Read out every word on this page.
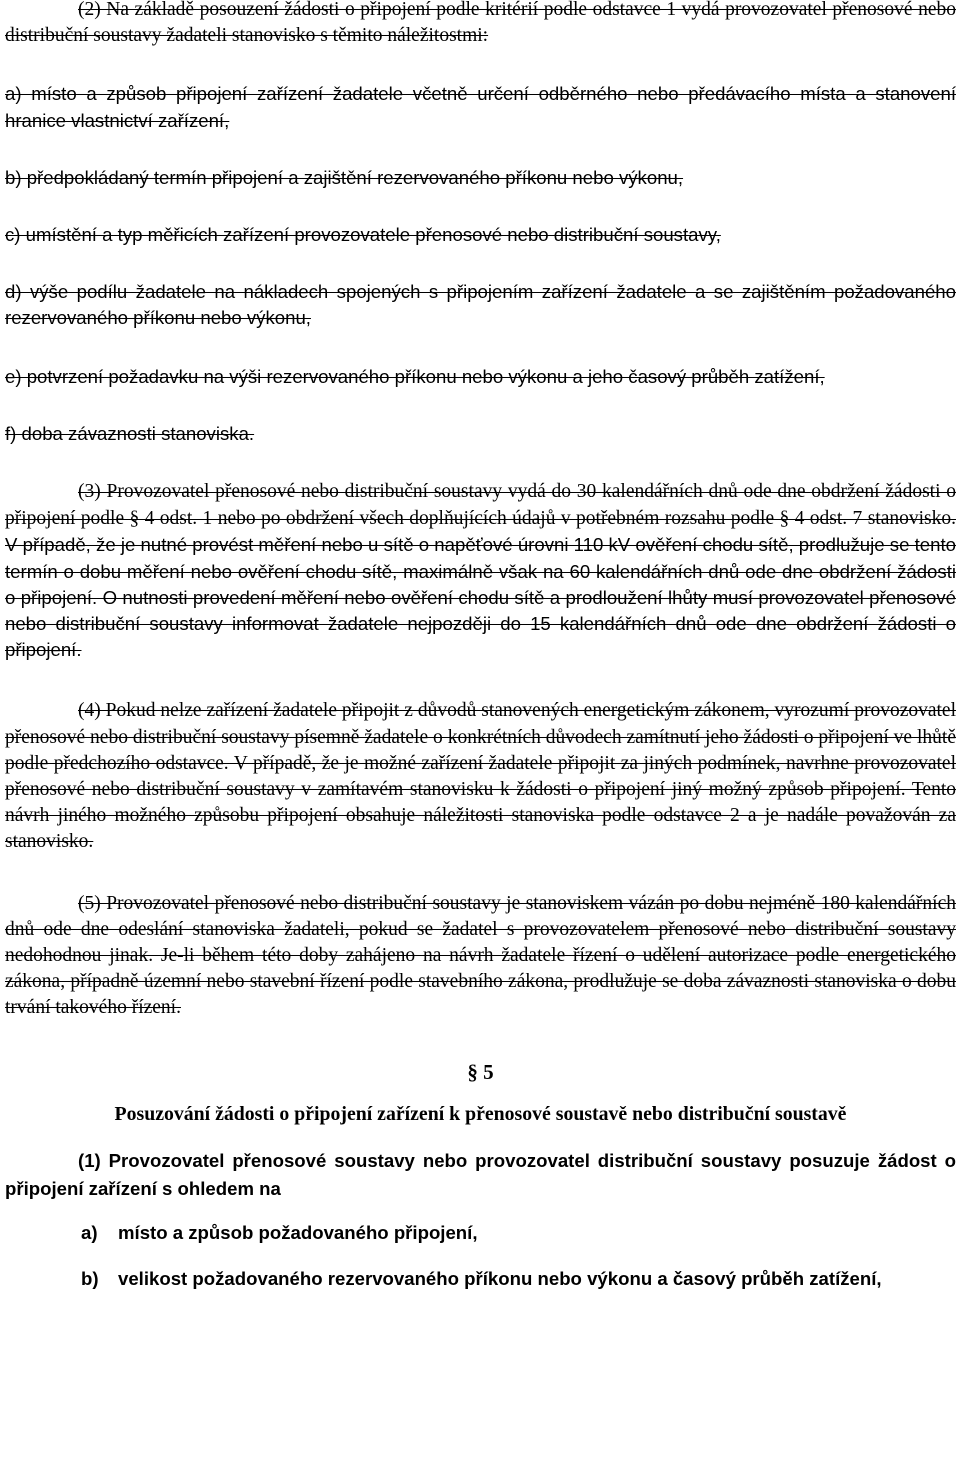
(2) Na základě posouzení žádosti o připojení podle kritérií podle odstavce 1 vydá provozovatel přenosové nebo distribuční soustavy žadateli stanovisko s těmito náležitostmi:

a) místo a způsob připojení zařízení žadatele včetně určení odběrného nebo předávacího místa a stanovení hranice vlastnictví zařízení,

b) předpokládaný termín připojení a zajištění rezervovaného příkonu nebo výkonu,

c) umístění a typ měřicích zařízení provozovatele přenosové nebo distribuční soustavy,

d) výše podílu žadatele na nákladech spojených s připojením zařízení žadatele a se zajištěním požadovaného rezervovaného příkonu nebo výkonu,

e) potvrzení požadavku na výši rezervovaného příkonu nebo výkonu a jeho časový průběh zatížení,

f) doba závaznosti stanoviska.

(3) Provozovatel přenosové nebo distribuční soustavy vydá do 30 kalendářních dnů ode dne obdržení žádosti o připojení podle § 4 odst. 1 nebo po obdržení všech doplňujících údajů v potřebném rozsahu podle § 4 odst. 7 stanovisko. V případě, že je nutné provést měření nebo u sítě o napěťové úrovni 110 kV ověření chodu sítě, prodlužuje se tento termín o dobu měření nebo ověření chodu sítě, maximálně však na 60 kalendářních dnů ode dne obdržení žádosti o připojení. O nutnosti provedení měření nebo ověření chodu sítě a prodloužení lhůty musí provozovatel přenosové nebo distribuční soustavy informovat žadatele nejpozději do 15 kalendářních dnů ode dne obdržení žádosti o připojení.

(4) Pokud nelze zařízení žadatele připojit z důvodů stanovených energetickým zákonem, vyrozumí provozovatel přenosové nebo distribuční soustavy písemně žadatele o konkrétních důvodech zamítnutí jeho žádosti o připojení ve lhůtě podle předchozího odstavce. V případě, že je možné zařízení žadatele připojit za jiných podmínek, navrhne provozovatel přenosové nebo distribuční soustavy v zamítavém stanovisku k žádosti o připojení jiný možný způsob připojení. Tento návrh jiného možného způsobu připojení obsahuje náležitosti stanoviska podle odstavce 2 a je nadále považován za stanovisko.

(5) Provozovatel přenosové nebo distribuční soustavy je stanoviskem vázán po dobu nejméně 180 kalendářních dnů ode dne odeslání stanoviska žadateli, pokud se žadatel s provozovatelem přenosové nebo distribuční soustavy nedohodnou jinak. Je-li během této doby zahájeno na návrh žadatele řízení o udělení autorizace podle energetického zákona, případně územní nebo stavební řízení podle stavebního zákona, prodlužuje se doba závaznosti stanoviska o dobu trvání takového řízení.

§ 5

Posuzování žádosti o připojení zařízení k přenosové soustavě nebo distribuční soustavě

(1) Provozovatel přenosové soustavy nebo provozovatel distribuční soustavy posuzuje žádost o připojení zařízení s ohledem na

a)	místo a způsob požadovaného připojení,
b)	velikost požadovaného rezervovaného příkonu nebo výkonu a časový průběh zatížení,
